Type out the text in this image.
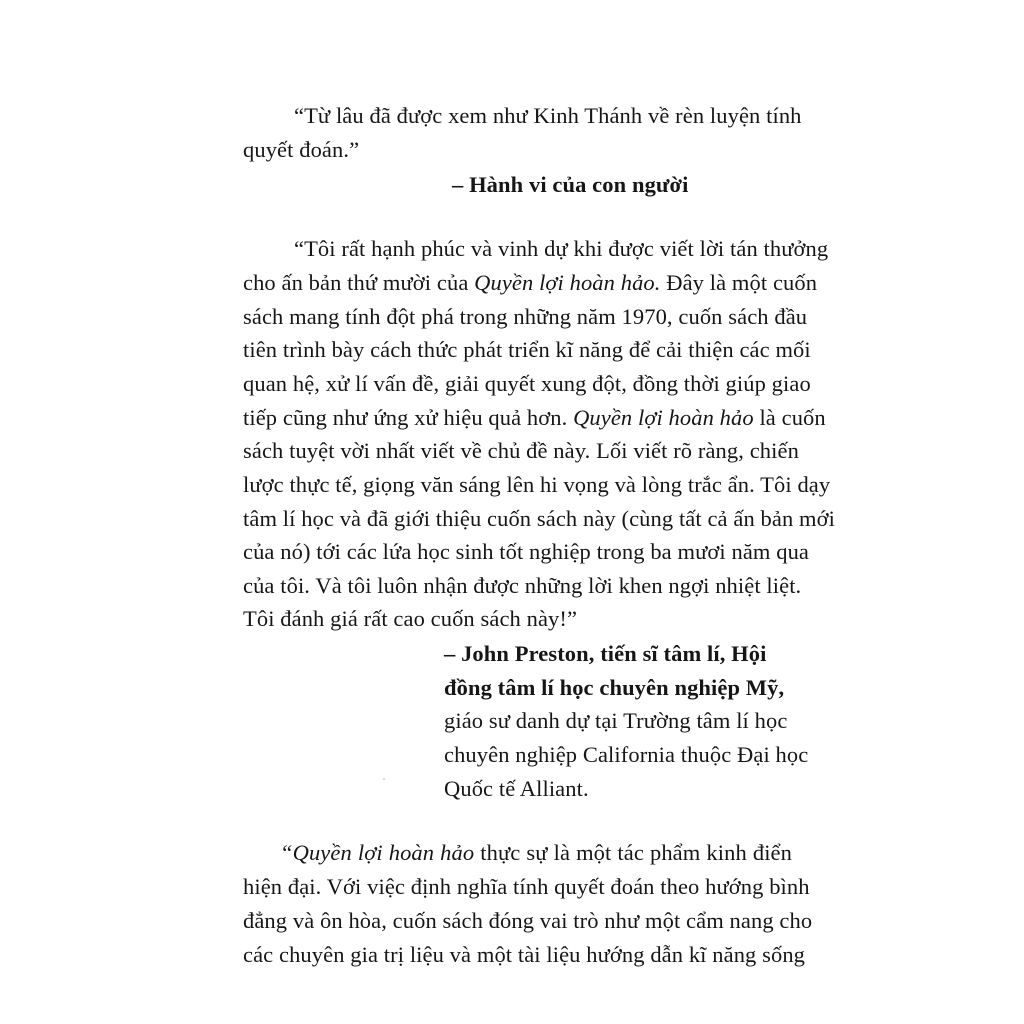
“Từ lâu đã được xem như Kinh Thánh về rèn luyện tính
quyết đoán.”
– Hành vi của con người
“Tôi rất hạnh phúc và vinh dự khi được viết lời tán thưởng
cho ấn bản thứ mười của Quyền lợi hoàn hảo. Đây là một cuốn
sách mang tính đột phá trong những năm 1970, cuốn sách đầu
tiên trình bày cách thức phát triển kĩ năng để cải thiện các mối
quan hệ, xử lí vấn đề, giải quyết xung đột, đồng thời giúp giao
tiếp cũng như ứng xử hiệu quả hơn. Quyền lợi hoàn hảo là cuốn
sách tuyệt vời nhất viết về chủ đề này. Lối viết rõ ràng, chiến
lược thực tế, giọng văn sáng lên hi vọng và lòng trắc ẩn. Tôi dạy
tâm lí học và đã giới thiệu cuốn sách này (cùng tất cả ấn bản mới
của nó) tới các lứa học sinh tốt nghiệp trong ba mươi năm qua
của tôi. Và tôi luôn nhận được những lời khen ngợi nhiệt liệt.
Tôi đánh giá rất cao cuốn sách này!”
– John Preston, tiến sĩ tâm lí, Hội
đồng tâm lí học chuyên nghiệp Mỹ,
giáo sư danh dự tại Trường tâm lí học
chuyên nghiệp California thuộc Đại học
Quốc tế Alliant.
“Quyền lợi hoàn hảo thực sự là một tác phẩm kinh điển
hiện đại. Với việc định nghĩa tính quyết đoán theo hướng bình
đẳng và ôn hòa, cuốn sách đóng vai trò như một cẩm nang cho
các chuyên gia trị liệu và một tài liệu hướng dẫn kĩ năng sống
